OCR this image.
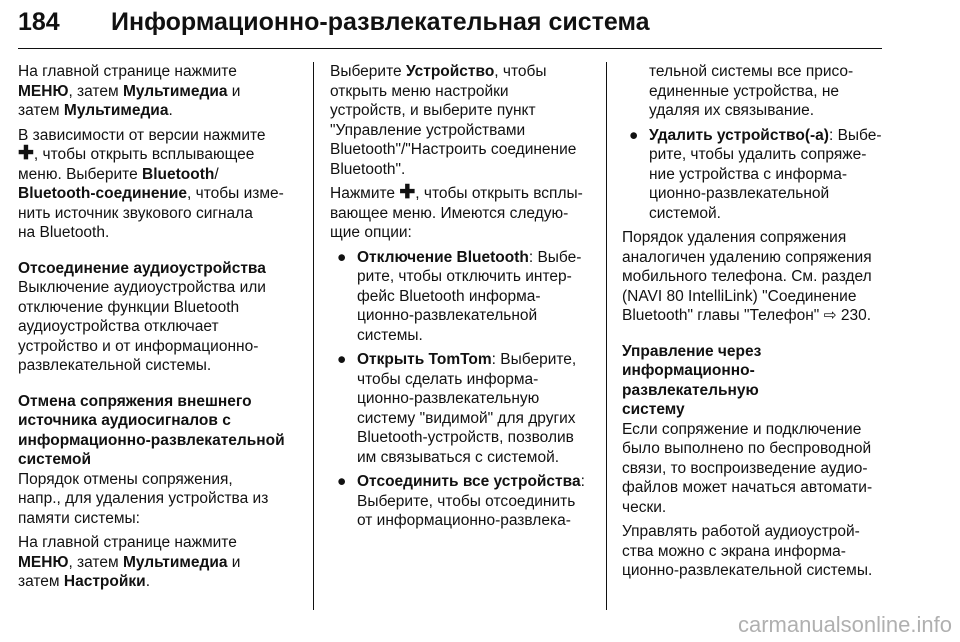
184 Информационно-развлекательная система

На главной странице нажмите
МЕНЮ, затем Мультимедиа и
затем Мультимедиа.

В зависимости от версии нажмите
✚, чтобы открыть всплывающее
меню. Выберите Bluetooth/
Bluetooth-соединение, чтобы изме-
нить источник звукового сигнала
на Bluetooth.

Отсоединение аудиоустройства

Выключение аудиоустройства или
отключение функции Bluetooth
аудиоустройства отключает
устройство и от информационно-
развлекательной системы.

Отмена сопряжения внешнего
источника аудиосигналов с
информационно-развлекательной
системой

Порядок отмены сопряжения,
напр., для удаления устройства из
памяти системы:

На главной странице нажмите
МЕНЮ, затем Мультимедиа и
затем Настройки.

Выберите Устройство, чтобы
открыть меню настройки
устройств, и выберите пункт
"Управление устройствами
Bluetooth"/"Настроить соединение
Bluetooth".

Нажмите ✚, чтобы открыть всплы-
вающее меню. Имеются следую-
щие опции:

● Отключение Bluetooth: Выбе-
рите, чтобы отключить интер-
фейс Bluetooth информа-
ционно-развлекательной
системы.
● Открыть TomTom: Выберите,
чтобы сделать информа-
ционно-развлекательную
систему "видимой" для других
Bluetooth-устройств, позволив
им связываться с системой.
● Отсоединить все устройства:
Выберите, чтобы отсоединить
от информационно-развлека-
тельной системы все присо-
единенные устройства, не
удаляя их связывание.
● Удалить устройство(-а): Выбе-
рите, чтобы удалить сопряже-
ние устройства с информа-
ционно-развлекательной
системой.

Порядок удаления сопряжения
аналогичен удалению сопряжения
мобильного телефона. См. раздел
(NAVI 80 IntelliLink) "Соединение
Bluetooth" главы "Телефон" ⇨ 230.

Управление через
информационно-развлекательную
систему

Если сопряжение и подключение
было выполнено по беспроводной
связи, то воспроизведение аудио-
файлов может начаться автомати-
чески.

Управлять работой аудиоустрой-
ства можно с экрана информа-
ционно-развлекательной системы.

carmanualsonline.info
